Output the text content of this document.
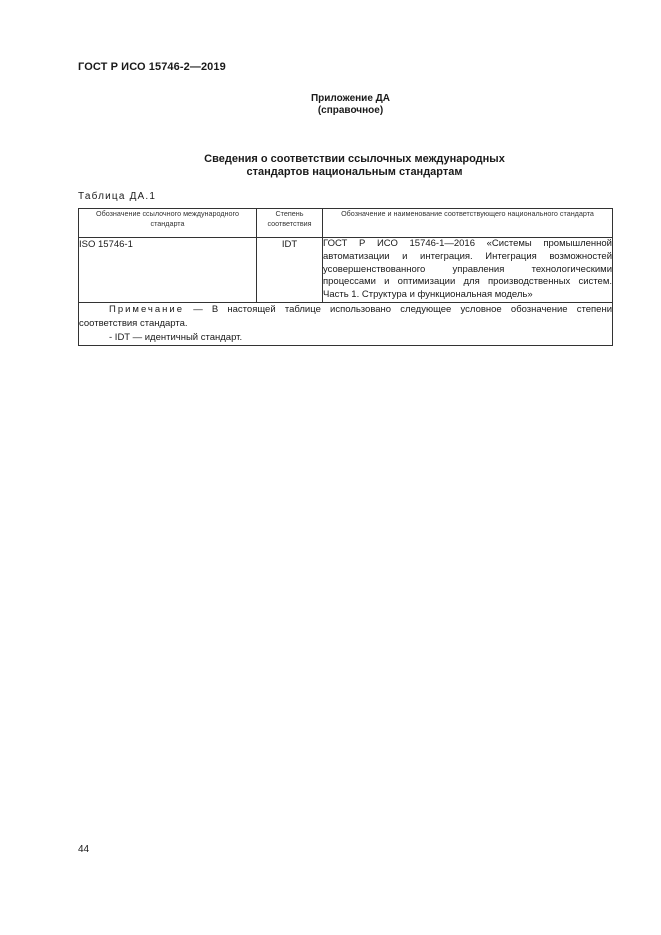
ГОСТ Р ИСО 15746-2—2019
Приложение ДА
(справочное)
Сведения о соответствии ссылочных международных
стандартов национальным стандартам
Таблица ДА.1
Обозначение ссылочного международного стандарта	Степень соответствия	Обозначение и наименование соответствующего национального стандарта
ISO 15746-1	IDT	ГОСТ Р ИСО 15746-1—2016 «Системы промышленной автоматизации и интеграция. Интеграция возможностей усовершенствованного управления технологическими процессами и оптимизации для производственных систем. Часть 1. Структура и функциональная модель»

Примечание — В настоящей таблице использовано следующее условное обозначение степени соответствия стандарта.
- IDT — идентичный стандарт.		
44
